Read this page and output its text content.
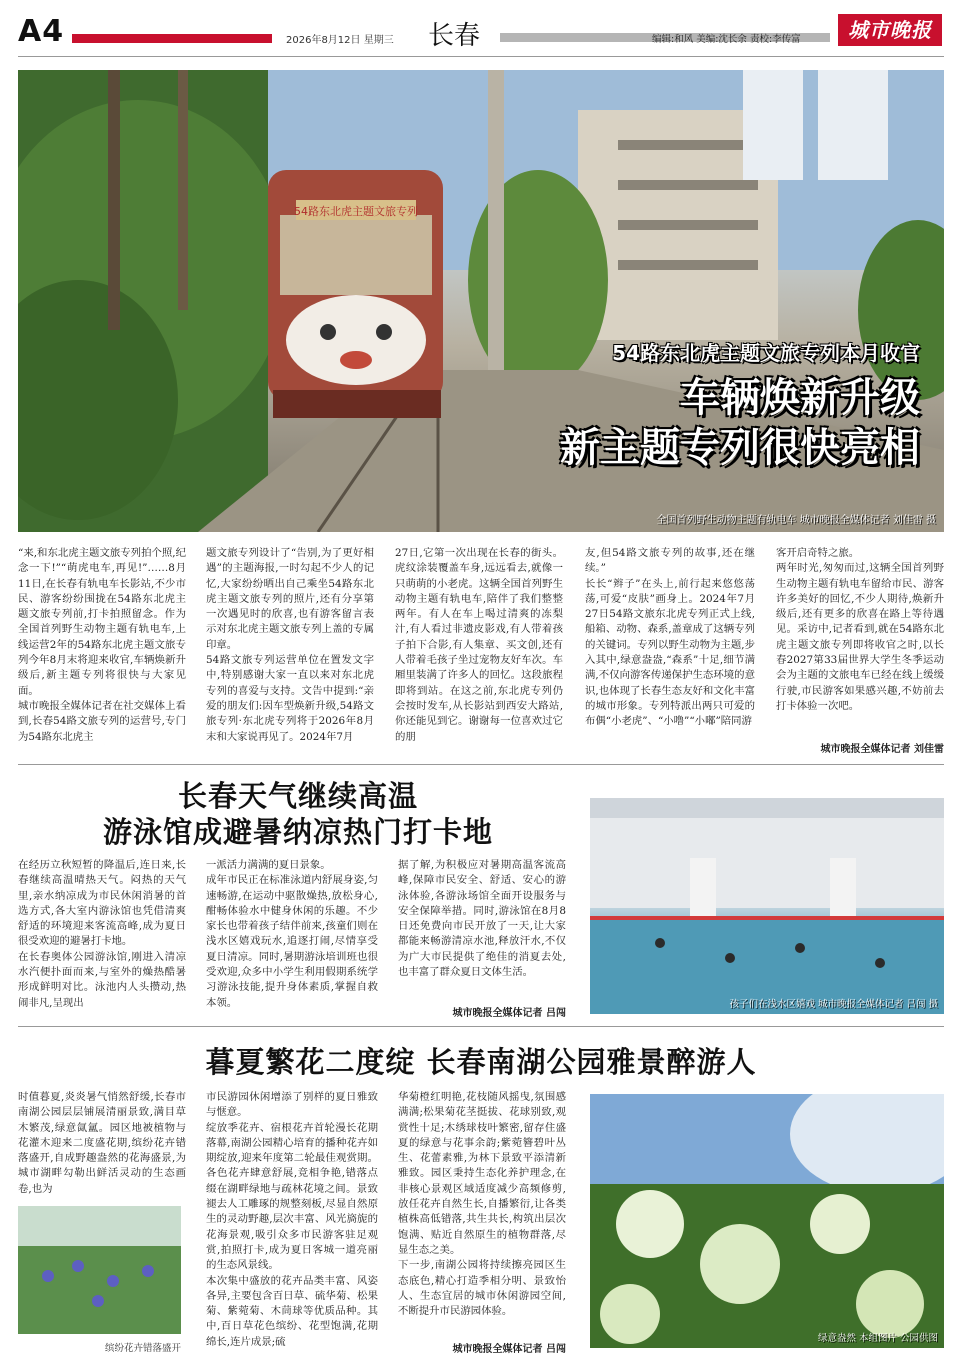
A4	2026年8月12日 星期三 长春	编辑:和风 美编:沈长余 责校:李传富	城市晚报
54路东北虎主题文旅专列
54路东北虎主题文旅专列本月收官
车辆焕新升级
新主题专列很快亮相
全国首列野生动物主题有轨电车 城市晚报全媒体记者 刘佳雷 摄
“来,和东北虎主题文旅专列拍个照,纪念一下!”“萌虎电车,再见!”……8月11日,在长春有轨电车长影站,不少市民、游客纷纷围拢在54路东北虎主题文旅专列前,打卡拍照留念。作为全国首列野生动物主题有轨电车,上线运营2年的54路东北虎主题文旅专列今年8月末将迎来收官,车辆焕新升级后,新主题专列将很快与大家见面。
城市晚报全媒体记者在社交媒体上看到,长春54路文旅专列的运营号,专门为54路东北虎主
题文旅专列设计了“告别,为了更好相遇”的主题海报,一时勾起不少人的记忆,大家纷纷晒出自己乘坐54路东北虎主题文旅专列的照片,还有分享第一次遇见时的欣喜,也有游客留言表示对东北虎主题文旅专列上盖的专属印章。
54路文旅专列运营单位在置发文字中,特别感谢大家一直以来对东北虎专列的喜爱与支持。文告中提到:“亲爱的朋友们:因车型焕新升级,54路文旅专列·东北虎专列将于2026年8月末和大家说再见了。2024年7月
27日,它第一次出现在长春的街头。虎纹涂装覆盖车身,远远看去,就像一只萌萌的小老虎。这辆全国首列野生动物主题有轨电车,陪伴了我们整整两年。有人在车上喝过清爽的冻梨汁,有人看过非遗皮影戏,有人带着孩子拍下合影,有人集章、买文创,还有人带着毛孩子坐过宠物友好车次。车厢里装满了许多人的回忆。这段旅程即将到站。在这之前,东北虎专列仍会按时发车,从长影站到西安大路站,你还能见到它。谢谢每一位喜欢过它的朋
友,但54路文旅专列的故事,还在继续。”
长长“辫子”在头上,前行起来悠悠荡荡,可爱“皮肤”画身上。2024年7月27日54路文旅东北虎专列正式上线,船箱、动物、森系,盖章成了这辆专列的关键词。专列以野生动物为主题,步入其中,绿意盎盎,“森系”十足,细节满满,不仅向游客传递保护生态环境的意识,也体现了长春生态友好和文化丰富的城市形象。专列特派出两只可爱的布偶“小老虎”、“小噜”“小嘟”陪同游
客开启奇特之旅。
两年时光,匆匆而过,这辆全国首列野生动物主题有轨电车留给市民、游客许多美好的回忆,不少人期待,焕新升级后,还有更多的欣喜在路上等待遇见。采访中,记者看到,就在54路东北虎主题文旅专列即将收官之时,以长春2027第33届世界大学生冬季运动会为主题的文旅电车已经在线上缓缓行驶,市民游客如果感兴趣,不妨前去打卡体验一次吧。
城市晚报全媒体记者 刘佳雷
长春天气继续高温
游泳馆成避暑纳凉热门打卡地
在经历立秋短暂的降温后,连日来,长春继续高温晴热天气。闷热的天气里,亲水纳凉成为市民休闲消暑的首选方式,各大室内游泳馆也凭借清爽舒适的环境迎来客流高峰,成为夏日很受欢迎的避暑打卡地。
在长春奥体公园游泳馆,刚进入清凉水汽便扑面而来,与室外的燥热酷暑形成鲜明对比。泳池内人头攒动,热闹非凡,呈现出
一派活力满满的夏日景象。
成年市民正在标准泳道内舒展身姿,匀速畅游,在运动中驱散燥热,放松身心,酣畅体验水中健身休闲的乐趣。不少家长也带着孩子结伴前来,孩童们则在浅水区嬉戏玩水,追逐打闹,尽情享受夏日清凉。同时,暑期游泳培训班也很受欢迎,众多中小学生利用假期系统学习游泳技能,提升身体素质,掌握自救本领。
据了解,为积极应对暑期高温客流高峰,保障市民安全、舒适、安心的游泳体验,各游泳场馆全面开设服务与安全保障举措。同时,游泳馆在8月8日还免费向市民开放了一天,让大家都能来畅游清凉水池,释放汗水,不仅为广大市民提供了绝佳的消夏去处,也丰富了群众夏日文体生活。
城市晚报全媒体记者 吕闯
孩子们在浅水区嬉戏 城市晚报全媒体记者 吕闯 摄
暮夏繁花二度绽 长春南湖公园雅景醉游人
时值暮夏,炎炎暑气悄然舒缓,长春市南湖公园层层铺展清丽景致,满目草木繁茂,绿意氤氲。园区地被植物与花灌木迎来二度盛花期,缤纷花卉错落盛开,自成野趣盎然的花海盛景,为城市湖畔勾勒出鲜活灵动的生态画卷,也为
缤纷花卉错落盛开
市民游园休闲增添了别样的夏日雅致与惬意。
绽放季花卉、宿根花卉首轮漫长花期落幕,南湖公园精心培育的播种花卉如期绽放,迎来年度第二轮最佳观赏期。各色花卉肆意舒展,竞相争艳,错落点缀在湖畔绿地与疏林花境之间。景致褪去人工雕琢的规整刻板,尽显自然原生的灵动野趣,层次丰富、风光旖旎的花海景观,吸引众多市民游客驻足观赏,拍照打卡,成为夏日客城一道亮丽的生态风景线。
本次集中盛放的花卉品类丰富、风姿各异,主要包含百日草、硫华菊、松果菊、紫菀菊、木茼球等优质品种。其中,百日草花色缤纷、花型饱满,花期绵长,连片成景;硫
华菊橙红明艳,花枝随风摇曳,氛围感满满;松果菊花茎挺拔、花球别致,观赏性十足;木绣球枝叶繁密,留存住盛夏的绿意与花事余韵;紫菀簪碧叶丛生、花蕾素雅,为林下景致平添清新雅致。园区秉持生态化养护理念,在非核心景观区域适度减少高频修剪,放任花卉自然生长,自播繁衍,让各类植株高低错落,共生共长,构筑出层次饱满、贴近自然原生的植物群落,尽显生态之美。
下一步,南湖公园将持续擦亮园区生态底色,精心打造季相分明、景致怡人、生态宜居的城市休闲游园空间,不断提升市民游园体验。
城市晚报全媒体记者 吕闯
绿意盎然 本组图片 公园供图
